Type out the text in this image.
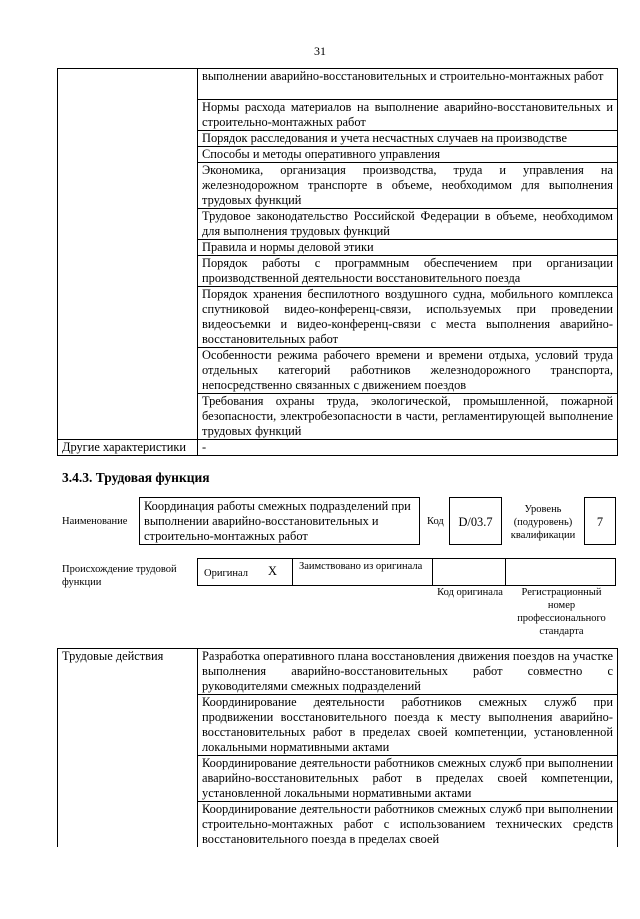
31
	выполнении аварийно-восстановительных и строительно-монтажных работ
	Нормы расхода материалов на выполнение аварийно-восстановительных и строительно-монтажных работ
	Порядок расследования и учета несчастных случаев на производстве
	Способы и методы оперативного управления
	Экономика, организация производства, труда и управления на железнодорожном транспорте в объеме, необходимом для выполнения трудовых функций
	Трудовое законодательство Российской Федерации в объеме, необходимом для выполнения трудовых функций
	Правила и нормы деловой этики
	Порядок работы с программным обеспечением при организации производственной деятельности восстановительного поезда
	Порядок хранения беспилотного воздушного судна, мобильного комплекса спутниковой видео-конференц-связи, используемых при проведении видеосъемки и видео-конференц-связи с места выполнения аварийно-восстановительных работ
	Особенности режима рабочего времени и времени отдыха, условий труда отдельных категорий работников железнодорожного транспорта, непосредственно связанных с движением поездов
	Требования охраны труда, экологической, промышленной, пожарной безопасности, электробезопасности в части, регламентирующей выполнение трудовых функций
Другие характеристики	-
3.4.3. Трудовая функция
Наименование
Координация работы смежных подразделений при выполнении аварийно-восстановительных и строительно-монтажных работ
Код	D/03.7
Уровень (подуровень) квалификации
7
Происхождение трудовой функции
Оригинал X	Заимствовано из оригинала
Код оригинала	Регистрационный номер профессионального стандарта
Трудовые действия	Разработка оперативного плана восстановления движения поездов на участке выполнения аварийно-восстановительных работ совместно с руководителями смежных подразделений
Координирование деятельности работников смежных служб при продвижении восстановительного поезда к месту выполнения аварийно-восстановительных работ в пределах своей компетенции, установленной локальными нормативными актами
Координирование деятельности работников смежных служб при выполнении аварийно-восстановительных работ в пределах своей компетенции, установленной локальными нормативными актами
Координирование деятельности работников смежных служб при выполнении строительно-монтажных работ с использованием технических средств восстановительного поезда в пределах своей
